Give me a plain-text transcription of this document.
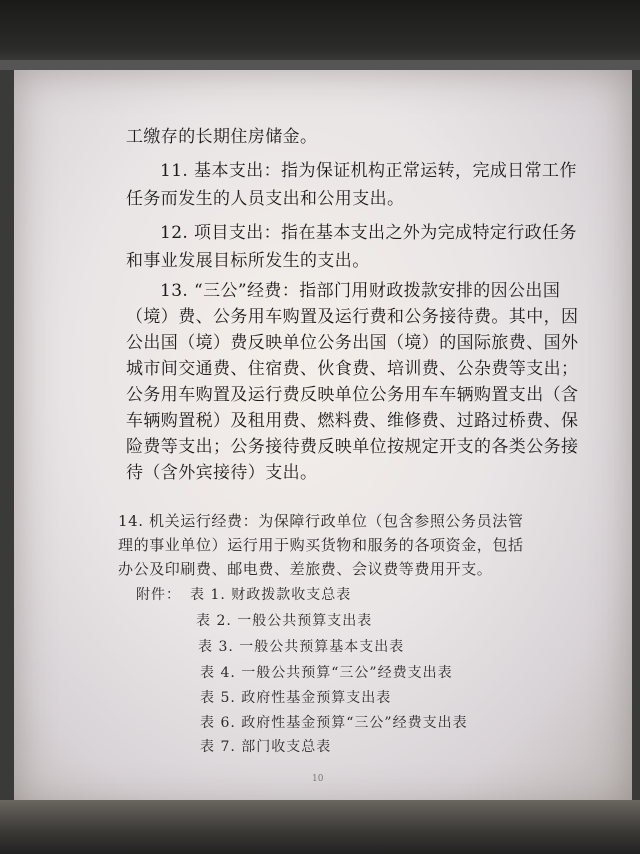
工缴存的长期住房储金。
11. 基本支出：指为保证机构正常运转，完成日常工作
任务而发生的人员支出和公用支出。
12. 项目支出：指在基本支出之外为完成特定行政任务
和事业发展目标所发生的支出。
13. “三公”经费：指部门用财政拨款安排的因公出国
（境）费、公务用车购置及运行费和公务接待费。其中，因
公出国（境）费反映单位公务出国（境）的国际旅费、国外
城市间交通费、住宿费、伙食费、培训费、公杂费等支出；
公务用车购置及运行费反映单位公务用车车辆购置支出（含
车辆购置税）及租用费、燃料费、维修费、过路过桥费、保
险费等支出；公务接待费反映单位按规定开支的各类公务接
待（含外宾接待）支出。
14. 机关运行经费：为保障行政单位（包含参照公务员法管
理的事业单位）运行用于购买货物和服务的各项资金，包括
办公及印刷费、邮电费、差旅费、会议费等费用开支。
附件： 表 1. 财政拨款收支总表
表 2. 一般公共预算支出表
表 3. 一般公共预算基本支出表
表 4. 一般公共预算“三公”经费支出表
表 5. 政府性基金预算支出表
表 6. 政府性基金预算“三公”经费支出表
表 7. 部门收支总表
10
